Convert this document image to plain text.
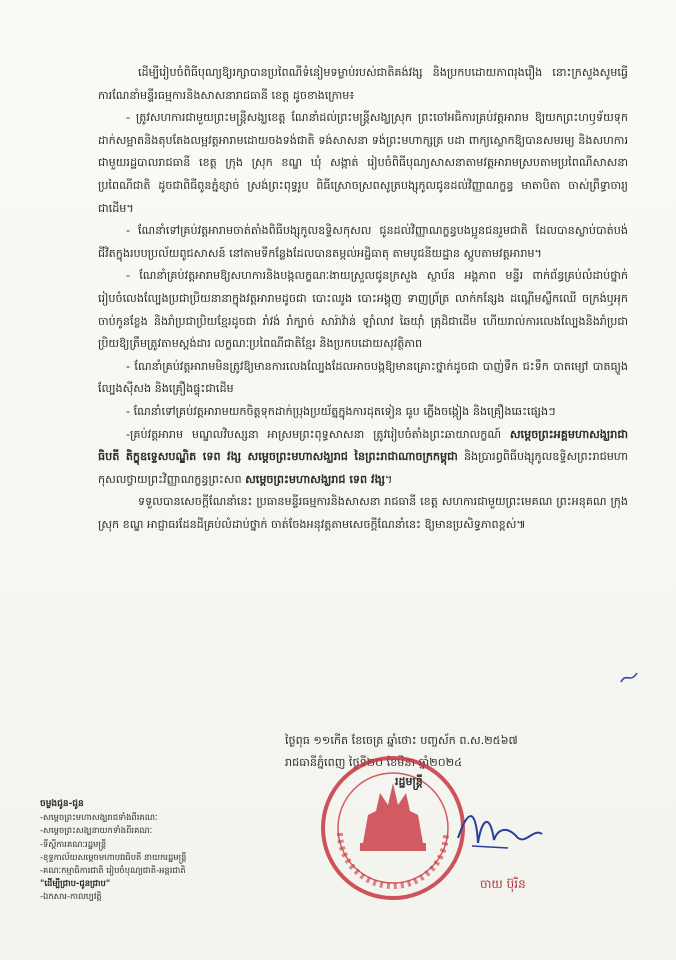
ដើម្បីរៀបចំពិធីបុណ្យឱ្យរក្សាបានប្រពៃណីទំនៀមទម្លាប់របស់ជាតិគង់វង្ស និងប្រកបដោយភាពរុងរឿង នោះក្រសួងសូមធ្វើការណែនាំមន្ទីរធម្មការនិងសាសនារាជធានី ខេត្ត ដូចខាងក្រោម៖

- ត្រូវសហការជាមួយព្រះមន្ត្រីសង្ឃខេត្ត ណែនាំដល់ព្រះមន្ត្រីសង្ឃស្រុក ព្រះចៅអធិការគ្រប់វត្តអារាម ឱ្យយកព្រះហឫទ័យទុកដាក់សម្អាតនិងតុបតែងលម្អវត្តអារាមដោយចងទង់ជាតិ ទង់សាសនា ទង់ព្រះមហាក្សត្រ បដា ពាក្យស្លោកឱ្យបានសមរម្យ និងសហការជាមួយរដ្ឋបាលរាជធានី ខេត្ត ក្រុង ស្រុក ខណ្ឌ ឃុំ សង្កាត់ រៀបចំពិធីបុណ្យសាសនាតាមវត្តអារាមស្របតាមប្រពៃណីសាសនា ប្រពៃណីជាតិ ដូចជាពិធីពូនភ្នំខ្សាច់ ស្រង់ព្រះពុទ្ធរូប ពិធីស្រោចស្រពសូត្របង្សុកូលជូនដល់វិញ្ញាណក្ខន្ធ មាតាបិតា ចាស់ព្រឹទ្ធាចារ្យជាដើម។

- ណែនាំទៅគ្រប់វត្តអារាមចាត់តាំងពិធីបង្សុកូលឧទ្ទិសកុសល ជូនដល់វិញ្ញាណក្ខន្ធបងប្អូនជនរួមជាតិ ដែលបានស្លាប់បាត់បង់ជីវិតក្នុងរបបប្រល័យពូជសាសន៍ នៅតាមទីកន្លែងដែលបានតម្កល់អដ្ឋិធាតុ តាមបូជនីយដ្ឋាន ស្តូបតាមវត្តអារាម។

- ណែនាំគ្រប់វត្តអារាមឱ្យសហការនិងបង្កលក្ខណៈងាយស្រួលជូនក្រសួង ស្ថាប័ន អង្គភាព មន្ទីរ ពាក់ព័ន្ធគ្រប់លំដាប់ថ្នាក់ រៀបចំលេងល្បែងប្រជាប្រិយនានាក្នុងវត្តអារាមដូចជា បោះឈូង បោះអង្គុញ ទាញព្រ័ត្រ លាក់កន្សែង ដណ្តើមស្លឹកឈើ ចក្រង់ឬអុក ចាប់កូនខ្លែង និងរាំប្រជាប្រិយខ្មែរដូចជា រាំវង់ រាំក្បាច់ សារ៉ាវ៉ាន់ ឡាំលាវ ឆៃយ៉ាំ ត្រុដិជាដើម ហើយរាល់ការលេងល្បែងនិងរាំប្រជាប្រិយឱ្យត្រឹមត្រូវតាមស្តង់ដារ លក្ខណៈប្រពៃណីជាតិខ្មែរ និងប្រកបដោយសុវត្ថិភាព

- ណែនាំគ្រប់វត្តអារាមមិនត្រូវឱ្យមានការលេងល្បែងដែលអាចបង្កឱ្យមានគ្រោះថ្នាក់ដូចជា បាញ់ទឹក ជះទឹក បាតម្សៅ បាតធ្យូង ល្បែងស៊ីសង និងគ្រឿងផ្ទុះជាដើម

- ណែនាំទៅគ្រប់វត្តអារាមយកចិត្តទុកដាក់ប្រុងប្រយ័ត្នក្នុងការដុតទៀន ធូប ភ្លើងចង្កៀង និងគ្រឿងឆេះផ្សេងៗ

-គ្រប់វត្តអារាម មណ្ឌលវិបស្សនា អាស្រមព្រះពុទ្ធសាសនា ត្រូវរៀបចំតាំងព្រះឆាយាលក្ខណ៍ សម្តេចព្រះអគ្គមហាសង្ឃរាជាធិបតី តិក្ខុឧទ្ទេសបណ្ឌិត ទេព វង្ស សម្តេចព្រះមហាសង្ឃរាជ នៃព្រះរាជាណាចក្រកម្ពុជា និងប្រារព្ធពិធីបង្សុកូលឧទ្ទិសព្រះរាជមហាកុសលថ្វាយព្រះវិញ្ញាណក្ខន្ធព្រះសព សម្តេចព្រះមហាសង្ឃរាជ ទេព វង្ស។

ទទួលបានសេចក្តីណែនាំនេះ ប្រធានមន្ទីរធម្មការនិងសាសនា រាជធានី ខេត្ត សហការជាមួយព្រះមេគណ ព្រះអនុគណ ក្រុង ស្រុក ខណ្ឌ អាជ្ញាធរដែនដីគ្រប់លំដាប់ថ្នាក់ ចាត់ចែងអនុវត្តតាមសេចក្តីណែនាំនេះ ឱ្យមានប្រសិទ្ធភាពខ្ពស់៕

ថ្ងៃពុធ ១១កើត ខែចេត្រ ឆ្នាំថោះ បញ្ចស័ក ព.ស.២៥៦៧
រាជធានីភ្នំពេញ ថ្ងៃទី២០ ខែមីនា ឆ្នាំ២០២៤
រដ្ឋមន្ត្រី
ចាយ ប៊ុរិន
ចម្លងជូន-ជូន
-សម្តេចព្រះមហាសង្ឃរាជទាំងពីរគណៈ
-សម្តេចព្រះសង្ឃនាយកទាំងពីរគណៈ
-ទីស្តីការគណៈរដ្ឋមន្ត្រី
-ខុទ្ទកាល័យសម្តេចមហាបវរធិបតី នាយករដ្ឋមន្ត្រី
-គណៈកម្មាធិការជាតិ រៀបចំបុណ្យជាតិ-អន្តរជាតិ
"ដើម្បីជ្រាប-ជូនជ្រាប"
-ឯកសារ-កាលប្បវត្តិ
